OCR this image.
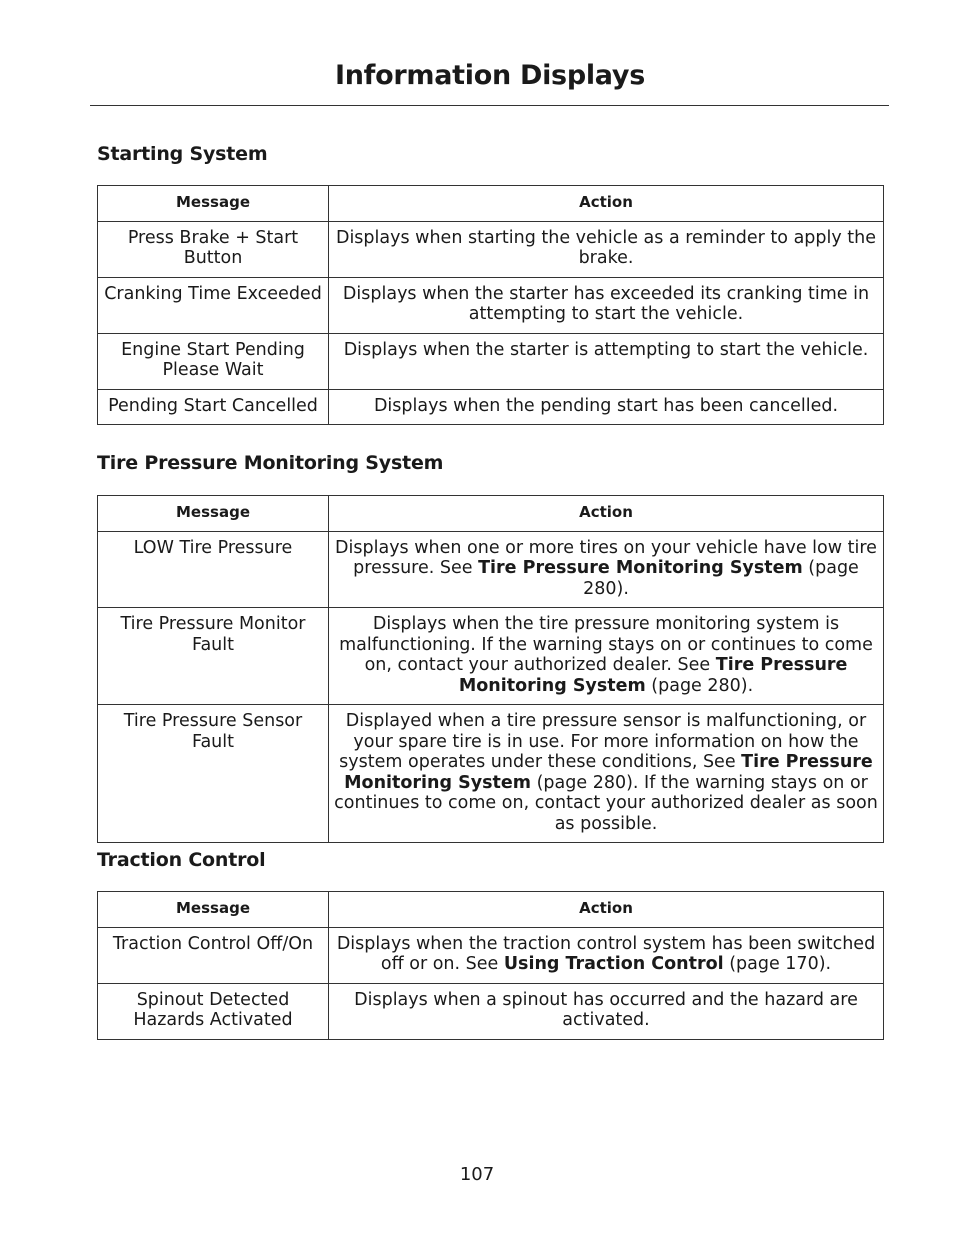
Information Displays
Starting System
Message	Action
Press Brake + Start Button	Displays when starting the vehicle as a reminder to apply the brake.
Cranking Time Exceeded	Displays when the starter has exceeded its cranking time in attempting to start the vehicle.
Engine Start Pending Please Wait	Displays when the starter is attempting to start the vehicle.
Pending Start Cancelled	Displays when the pending start has been cancelled.
Tire Pressure Monitoring System
Message	Action
LOW Tire Pressure	Displays when one or more tires on your vehicle have low tire pressure. See Tire Pressure Monitoring System (page 280).
Tire Pressure Monitor Fault	Displays when the tire pressure monitoring system is malfunctioning. If the warning stays on or continues to come on, contact your authorized dealer. See Tire Pressure Monitoring System (page 280).
Tire Pressure Sensor Fault	Displayed when a tire pressure sensor is malfunctioning, or your spare tire is in use. For more information on how the system operates under these conditions, See Tire Pressure Monitoring System (page 280). If the warning stays on or continues to come on, contact your authorized dealer as soon as possible.
Traction Control
Message	Action
Traction Control Off/On	Displays when the traction control system has been switched off or on. See Using Traction Control (page 170).
Spinout Detected Hazards Activated	Displays when a spinout has occurred and the hazard are activated.

107
